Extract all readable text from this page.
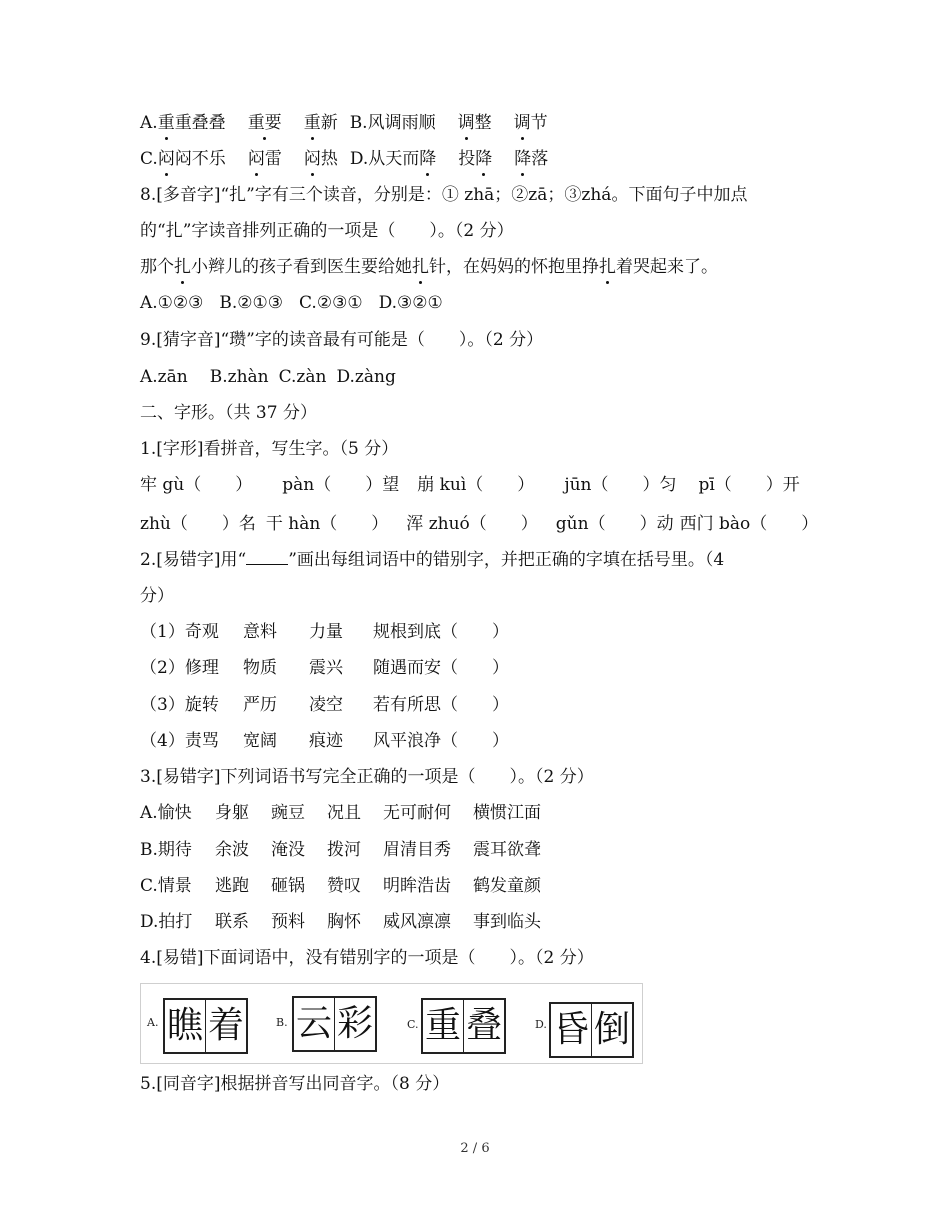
A.重重叠叠 重要 重新 B.风调雨顺 调整 调节
C.闷闷不乐 闷雷 闷热 D.从天而降 投降 降落
8.[多音字]“扎”字有三个读音，分别是：① zhā；②zā；③zhá。下面句子中加点
的“扎”字读音排列正确的一项是（　　）。（2 分）
那个扎小辫儿的孩子看到医生要给她扎针，在妈妈的怀抱里挣扎着哭起来了。
A.①②③ B.②①③ C.②③① D.③②①
9.[猜字音]“瓒”字的读音最有可能是（　　）。（2 分）
A.zān B.zhàn C.zàn D.zàng
二、字形。（共 37 分）
1.[字形]看拼音，写生字。（5 分）
牢 gù（　　） pàn（　　）望 崩 kuì（　　） jūn（　　）匀 pī（　　）开
zhù（　　）名 干 hàn（　　） 浑 zhuó（　　） gǔn（　　）动 西门 bào（　　）
2.[易错字]用“ ”画出每组词语中的错别字，并把正确的字填在括号里。（4
分）
（1）奇观 意料 力量 规根到底（　　）
（2）修理 物质 震兴 随遇而安（　　）
（3）旋转 严历 凌空 若有所思（　　）
（4）责骂 宽阔 痕迹 风平浪净（　　）
3.[易错字]下列词语书写完全正确的一项是（　　）。（2 分）
A.愉快 身躯 豌豆 况且 无可耐何 横惯江面
B.期待 余波 淹没 拨河 眉清目秀 震耳欲聋
C.情景 逃跑 砸锅 赞叹 明眸浩齿 鹤发童颜
D.拍打 联系 预料 胸怀 威风凛凛 事到临头
4.[易错]下面词语中，没有错别字的一项是（　　）。（2 分）
A. 瞧 着	B. 云 彩	C. 重 叠	D. 昏 倒
5.[同音字]根据拼音写出同音字。（8 分）
2 / 6
